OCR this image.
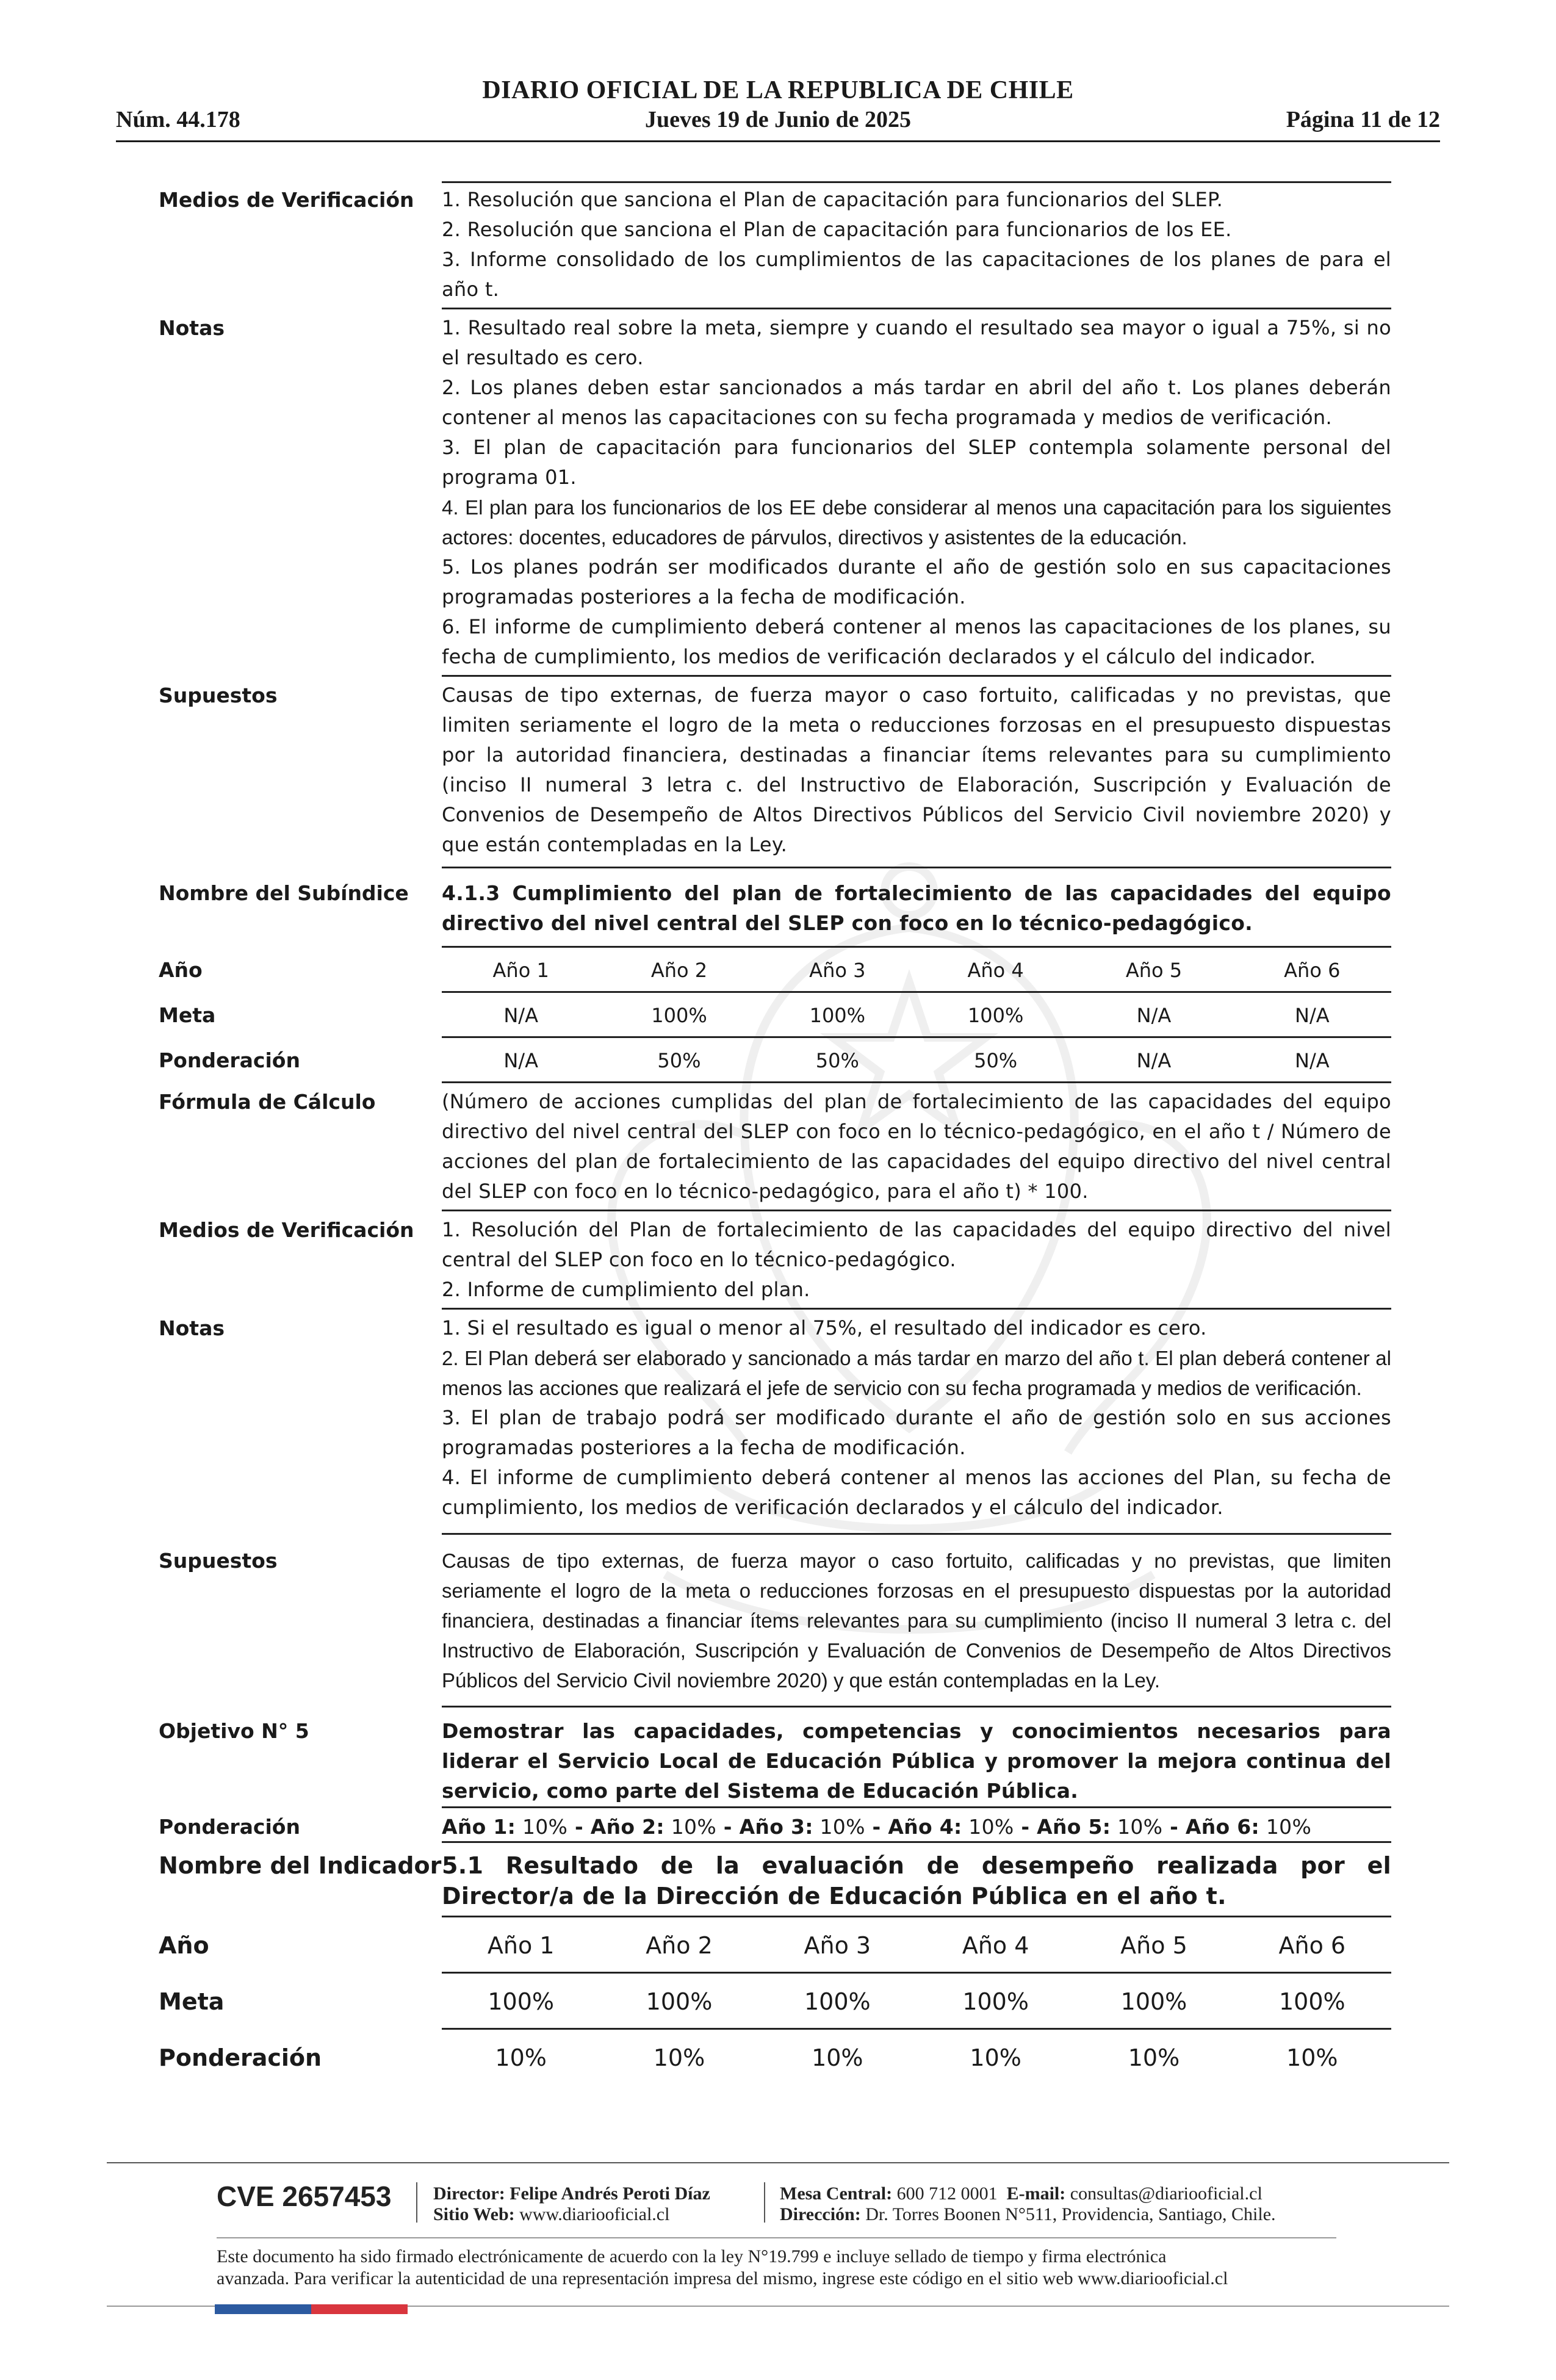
DIARIO OFICIAL DE LA REPUBLICA DE CHILE
Núm. 44.178	Jueves 19 de Junio de 2025	Página 11 de 12
Medios de Verificación	1. Resolución que sanciona el Plan de capacitación para funcionarios del SLEP.

2. Resolución que sanciona el Plan de capacitación para funcionarios de los EE.

3. Informe consolidado de los cumplimientos de las capacitaciones de los planes de para el año t.

Notas	1. Resultado real sobre la meta, siempre y cuando el resultado sea mayor o igual a 75%, si no el resultado es cero.

2. Los planes deben estar sancionados a más tardar en abril del año t. Los planes deberán contener al menos las capacitaciones con su fecha programada y medios de verificación.

3. El plan de capacitación para funcionarios del SLEP contempla solamente personal del programa 01.

4. El plan para los funcionarios de los EE debe considerar al menos una capacitación para los siguientes actores: docentes, educadores de párvulos, directivos y asistentes de la educación.

5. Los planes podrán ser modificados durante el año de gestión solo en sus capacitaciones programadas posteriores a la fecha de modificación.

6. El informe de cumplimiento deberá contener al menos las capacitaciones de los planes, su fecha de cumplimiento, los medios de verificación declarados y el cálculo del indicador.

Supuestos	Causas de tipo externas, de fuerza mayor o caso fortuito, calificadas y no previstas, que limiten seriamente el logro de la meta o reducciones forzosas en el presupuesto dispuestas por la autoridad financiera, destinadas a financiar ítems relevantes para su cumplimiento (inciso II numeral 3 letra c. del Instructivo de Elaboración, Suscripción y Evaluación de Convenios de Desempeño de Altos Directivos Públicos del Servicio Civil noviembre 2020) y que están contempladas en la Ley.
Nombre del Subíndice	4.1.3 Cumplimiento del plan de fortalecimiento de las capacidades del equipo directivo del nivel central del SLEP con foco en lo técnico-pedagógico.
Año	Año 1	Año 2	Año 3	Año 4	Año 5	Año 6
Meta	N/A	100%	100%	100%	N/A	N/A
Ponderación	N/A	50%	50%	50%	N/A	N/A
Fórmula de Cálculo	(Número de acciones cumplidas del plan de fortalecimiento de las capacidades del equipo directivo del nivel central del SLEP con foco en lo técnico-pedagógico, en el año t / Número de acciones del plan de fortalecimiento de las capacidades del equipo directivo del nivel central del SLEP con foco en lo técnico-pedagógico, para el año t) * 100.
Medios de Verificación	1. Resolución del Plan de fortalecimiento de las capacidades del equipo directivo del nivel central del SLEP con foco en lo técnico-pedagógico.

2. Informe de cumplimiento del plan.

Notas	1. Si el resultado es igual o menor al 75%, el resultado del indicador es cero.

2. El Plan deberá ser elaborado y sancionado a más tardar en marzo del año t. El plan deberá contener al menos las acciones que realizará el jefe de servicio con su fecha programada y medios de verificación.

3. El plan de trabajo podrá ser modificado durante el año de gestión solo en sus acciones programadas posteriores a la fecha de modificación.

4. El informe de cumplimiento deberá contener al menos las acciones del Plan, su fecha de cumplimiento, los medios de verificación declarados y el cálculo del indicador.

Supuestos	Causas de tipo externas, de fuerza mayor o caso fortuito, calificadas y no previstas, que limiten seriamente el logro de la meta o reducciones forzosas en el presupuesto dispuestas por la autoridad financiera, destinadas a financiar ítems relevantes para su cumplimiento (inciso II numeral 3 letra c. del Instructivo de Elaboración, Suscripción y Evaluación de Convenios de Desempeño de Altos Directivos Públicos del Servicio Civil noviembre 2020) y que están contempladas en la Ley.
Objetivo N° 5	Demostrar las capacidades, competencias y conocimientos necesarios para liderar el Servicio Local de Educación Pública y promover la mejora continua del servicio, como parte del Sistema de Educación Pública.
Ponderación	Año 1: 10% - Año 2: 10% - Año 3: 10% - Año 4: 10% - Año 5: 10% - Año 6: 10%
Nombre del Indicador 5.1 Resultado de la evaluación de desempeño realizada por el Director/a de la Dirección de Educación Pública en el año t.
Año	Año 1	Año 2	Año 3	Año 4	Año 5	Año 6
Meta	100%	100%	100%	100%	100%	100%
Ponderación	10%	10%	10%	10%	10%	10%
CVE 2657453 Director: Felipe Andrés Peroti Díaz
Sitio Web: www.diariooficial.cl
Mesa Central: 600 712 0001 E-mail: consultas@diariooficial.cl
Dirección: Dr. Torres Boonen N°511, Providencia, Santiago, Chile.
Este documento ha sido firmado electrónicamente de acuerdo con la ley N°19.799 e incluye sellado de tiempo y firma electrónica
avanzada. Para verificar la autenticidad de una representación impresa del mismo, ingrese este código en el sitio web www.diariooficial.cl
